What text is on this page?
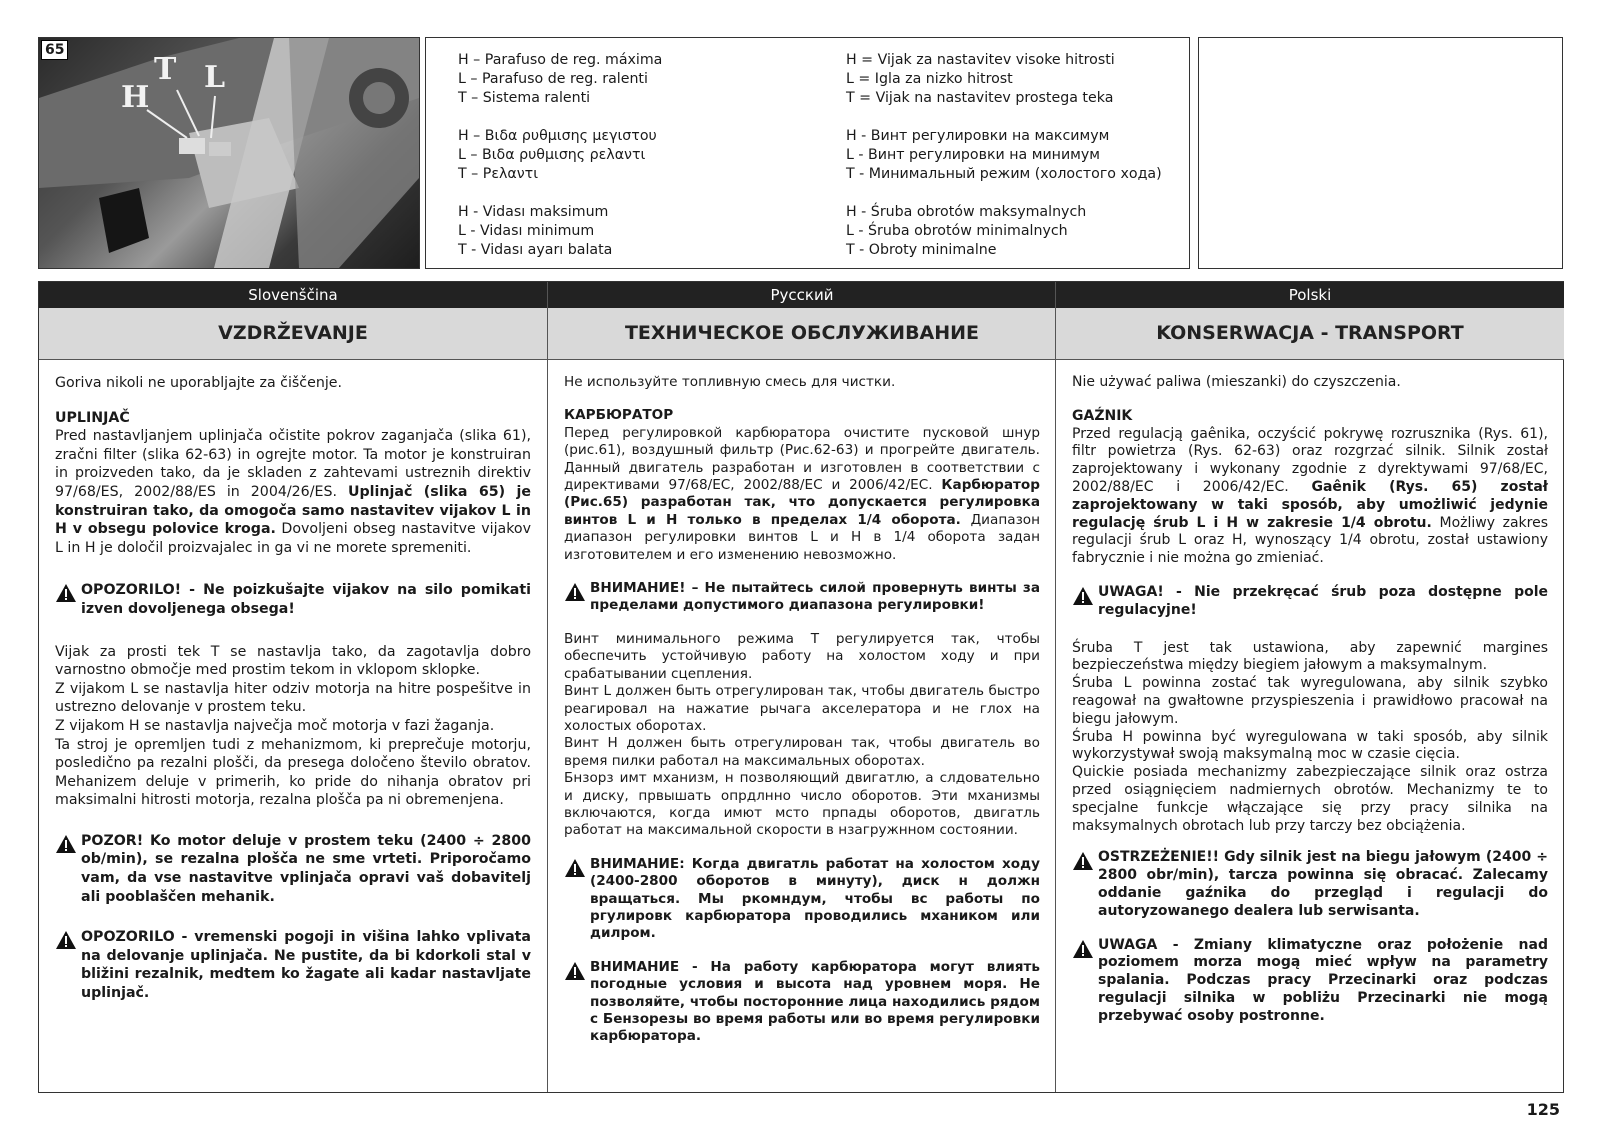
65
H
T L	H – Parafuso de reg. máxima
L – Parafuso de reg. ralenti
T – Sistema ralenti
H – Βιδα ρυθμισης μεγιστου
L – Βιδα ρυθμισης ρελαντι
T – Ρελαντι
H - Vidası maksimum
L - Vidası minimum
T - Vidası ayarı balata
H = Vijak za nastavitev visoke hitrosti
L = Igla za nizko hitrost
T = Vijak na nastavitev prostega teka
H - Винт регулировки на максимум
L - Винт регулировки на минимум
T - Минимальный режим (холостого хода)
H - Śruba obrotów maksymalnych
L - Śruba obrotów minimalnych
T - Obroty minimalne
Slovenščina
VZDRŽEVANJE

Goriva nikoli ne uporabljajte za čiščenje.

UPLINJAČ

Pred nastavljanjem uplinjača očistite pokrov zaganjača (slika 61), zračni filter (slika 62-63) in ogrejte motor. Ta motor je konstruiran in proizveden tako, da je skladen z zahtevami ustreznih direktiv 97/68/ES, 2002/88/ES in 2004/26/ES. Uplinjač (slika 65) je konstruiran tako, da omogoča samo nastavitev vijakov L in H v obsegu polovice kroga. Dovoljeni obseg nastavitve vijakov L in H je določil proizvajalec in ga vi ne morete spremeniti.

OPOZORILO! - Ne poizkušajte vijakov na silo pomikati izven dovoljenega obsega!

Vijak za prosti tek T se nastavlja tako, da zagotavlja dobro varnostno območje med prostim tekom in vklopom sklopke.

Z vijakom L se nastavlja hiter odziv motorja na hitre pospešitve in ustrezno delovanje v prostem teku.

Z vijakom H se nastavlja največja moč motorja v fazi žaganja.

Ta stroj je opremljen tudi z mehanizmom, ki preprečuje motorju, posledično pa rezalni plošči, da presega določeno število obratov. Mehanizem deluje v primerih, ko pride do nihanja obratov pri maksimalni hitrosti motorja, rezalna plošča pa ni obremenjena.

POZOR! Ko motor deluje v prostem teku (2400 ÷ 2800 ob/min), se rezalna plošča ne sme vrteti. Priporočamo vam, da vse nastavitve vplinjača opravi vaš dobavitelj ali pooblaščen mehanik.
OPOZORILO - vremenski pogoji in višina lahko vplivata na delovanje uplinjača. Ne pustite, da bi kdorkoli stal v bližini rezalnik, medtem ko žagate ali kadar nastavljate uplinjač.
Русский
ТЕХНИЧЕСКОЕ ОБСЛУЖИВАНИЕ

Не используйте топливную смесь для чистки.

КАРБЮРАТОР

Перед регулировкой карбюратора очистите пусковой шнур (рис.61), воздушный фильтр (Рис.62-63) и прогрейте двигатель. Данный двигатель разработан и изготовлен в соответствии с директивами 97/68/ЕС, 2002/88/ЕС и 2006/42/ЕС. Карбюратор (Рис.65) разработан так, что допускается регулировка винтов L и H только в пределах 1/4 оборота. Диапазон диапазон регулировки винтов L и H в 1/4 оборота задан изготовителем и его изменению невозможно.

ВНИМАНИЕ! – Не пытайтесь силой провернуть винты за пределами допустимого диапазона регулировки!

Винт минимального режима T регулируется так, чтобы обеспечить устойчивую работу на холостом ходу и при срабатывании сцепления.

Винт L должен быть отрегулирован так, чтобы двигатель быстро реагировал на нажатие рычага акселератора и не глох на холостых оборотах.

Винт H должен быть отрегулирован так, чтобы двигатель во время пилки работал на максимальных оборотах.

Бнзорз имт мханизм, н позволяющий двигатлю, а слдовательно и диску, првышать опрдлнно число оборотов. Эти мханизмы включаются, когда имют мсто прпады оборотов, двигатль работат на максимальной скорости в нзагружнном состоянии.

ВНИМАНИЕ: Когда двигатль работат на холостом ходу (2400-2800 оборотов в минуту), диск н должн вращаться. Мы ркомндум, чтобы вс работы по ргулировк карбюратора проводились мхаником или дилром.
ВНИМАНИЕ - На работу карбюратора могут влиять погодные условия и высота над уровнем моря. Не позволяйте, чтобы посторонние лица находились рядом с Бензорезы во время работы или во время регулировки карбюратора.
Polski
KONSERWACJA - TRANSPORT

Nie używać paliwa (mieszanki) do czyszczenia.

GAŹNIK

Przed regulacją gaênika, oczyścić pokrywę rozrusznika (Rys. 61), filtr powietrza (Rys. 62-63) oraz rozgrzać silnik. Silnik został zaprojektowany i wykonany zgodnie z dyrektywami 97/68/EC, 2002/88/EC i 2006/42/EC. Gaênik (Rys. 65) został zaprojektowany w taki sposób, aby umożliwić jedynie regulację śrub L i H w zakresie 1/4 obrotu. Możliwy zakres regulacji śrub L oraz H, wynoszący 1/4 obrotu, został ustawiony fabrycznie i nie można go zmieniać.

UWAGA! - Nie przekręcać śrub poza dostępne pole regulacyjne!

Śruba T jest tak ustawiona, aby zapewnić margines bezpieczeństwa między biegiem jałowym a maksymalnym.

Śruba L powinna zostać tak wyregulowana, aby silnik szybko reagował na gwałtowne przyspieszenia i prawidłowo pracował na biegu jałowym.

Śruba H powinna być wyregulowana w taki sposób, aby silnik wykorzystywał swoją maksymalną moc w czasie cięcia.

Quickie posiada mechanizmy zabezpieczające silnik oraz ostrza przed osiągnięciem nadmiernych obrotów. Mechanizmy te to specjalne funkcje włączające się przy pracy silnika na maksymalnych obrotach lub przy tarczy bez obciążenia.

OSTRZEŻENIE!! Gdy silnik jest na biegu jałowym (2400 ÷ 2800 obr/min), tarcza powinna się obracać. Zalecamy oddanie gaźnika do przegląd i regulacji do autoryzowanego dealera lub serwisanta.
UWAGA - Zmiany klimatyczne oraz położenie nad poziomem morza mogą mieć wpływ na parametry spalania. Podczas pracy Przecinarki oraz podczas regulacji silnika w pobliżu Przecinarki nie mogą przebywać osoby postronne.
125
